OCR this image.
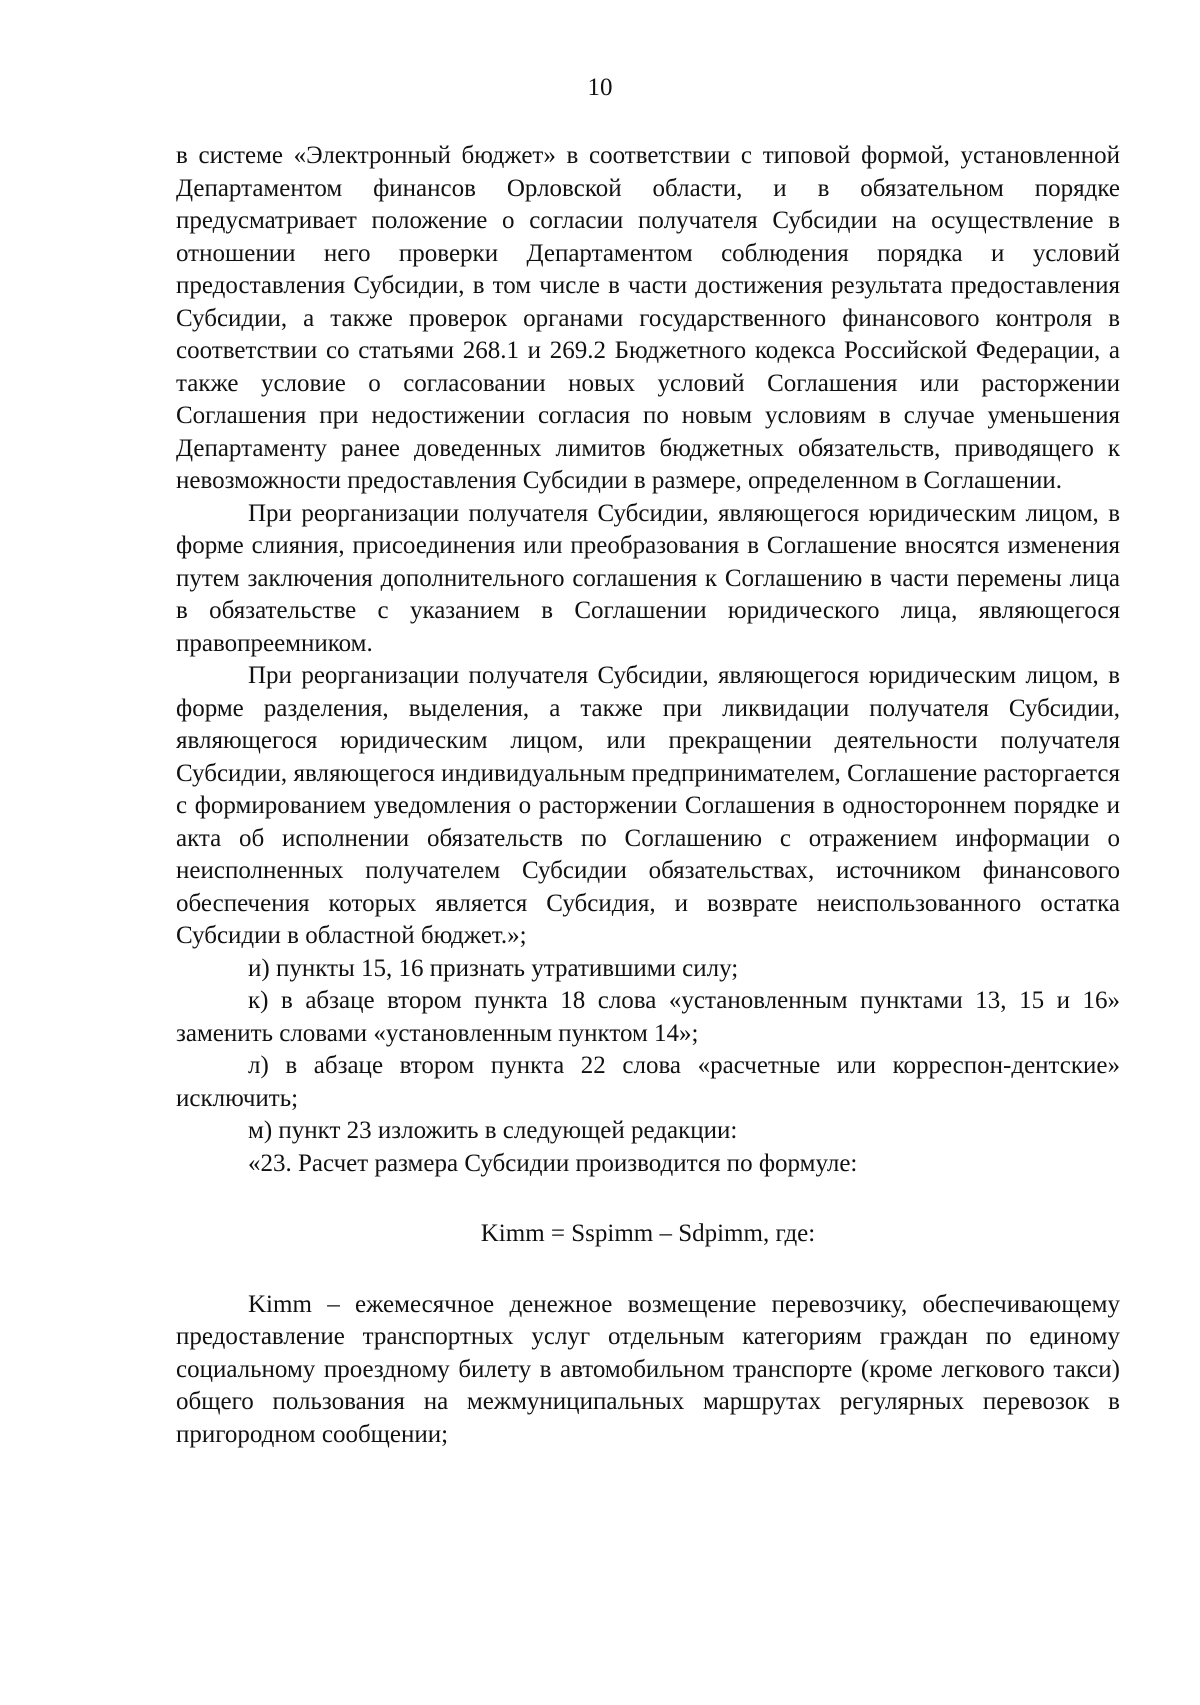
10

в системе «Электронный бюджет» в соответствии с типовой формой, установленной Департаментом финансов Орловской области, и в обязательном порядке предусматривает положение о согласии получателя Субсидии на осуществление в отношении него проверки Департаментом соблюдения порядка и условий предоставления Субсидии, в том числе в части достижения результата предоставления Субсидии, а также проверок органами государственного финансового контроля в соответствии со статьями 268.1 и 269.2 Бюджетного кодекса Российской Федерации, а также условие о согласовании новых условий Соглашения или расторжении Соглашения при недостижении согласия по новым условиям в случае уменьшения Департаменту ранее доведенных лимитов бюджетных обязательств, приводящего к невозможности предоставления Субсидии в размере, определенном в Соглашении.

При реорганизации получателя Субсидии, являющегося юридическим лицом, в форме слияния, присоединения или преобразования в Соглашение вносятся изменения путем заключения дополнительного соглашения к Соглашению в части перемены лица в обязательстве с указанием в Соглашении юридического лица, являющегося правопреемником.

При реорганизации получателя Субсидии, являющегося юридическим лицом, в форме разделения, выделения, а также при ликвидации получателя Субсидии, являющегося юридическим лицом, или прекращении деятельности получателя Субсидии, являющегося индивидуальным предпринимателем, Соглашение расторгается с формированием уведомления о расторжении Соглашения в одностороннем порядке и акта об исполнении обязательств по Соглашению с отражением информации о неисполненных получателем Субсидии обязательствах, источником финансового обеспечения которых является Субсидия, и возврате неиспользованного остатка Субсидии в областной бюджет.»;

и) пункты 15, 16 признать утратившими силу;

к) в абзаце втором пункта 18 слова «установленным пунктами 13, 15 и 16» заменить словами «установленным пунктом 14»;

л) в абзаце втором пункта 22 слова «расчетные или корреспон-дентские» исключить;

м) пункт 23 изложить в следующей редакции:

«23. Расчет размера Субсидии производится по формуле:

Kimm = Sspimm – Sdpimm, где:

Kimm – ежемесячное денежное возмещение перевозчику, обеспечивающему предоставление транспортных услуг отдельным категориям граждан по единому социальному проездному билету в автомобильном транспорте (кроме легкового такси) общего пользования на межмуниципальных маршрутах регулярных перевозок в пригородном сообщении;
